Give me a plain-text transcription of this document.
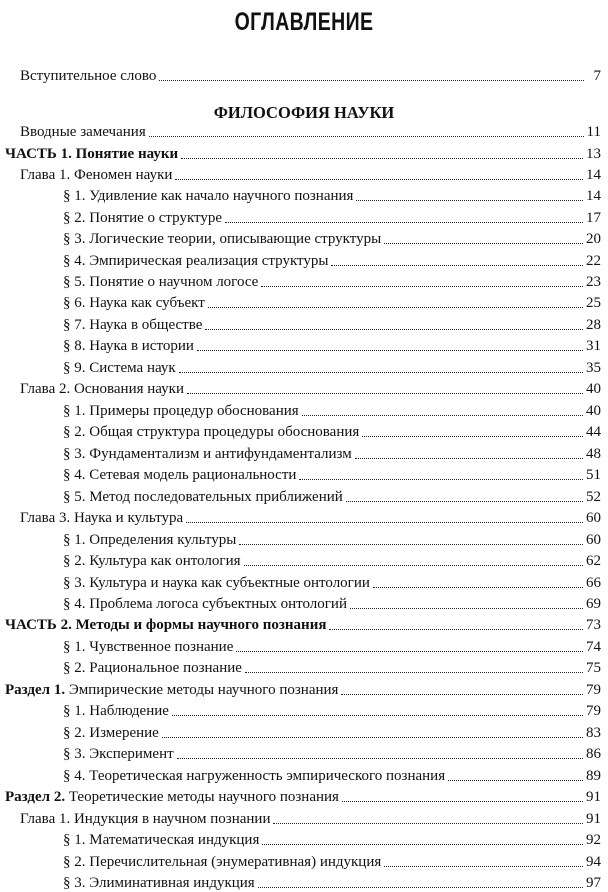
ОГЛАВЛЕНИЕ
ФИЛОСОФИЯ НАУКИ
Вступительное слово	7
Вводные замечания	11
ЧАСТЬ 1. Понятие науки	13
Глава 1. Феномен науки	14
§ 1. Удивление как начало научного познания	14
§ 2. Понятие о структуре	17
§ 3. Логические теории, описывающие структуры	20
§ 4. Эмпирическая реализация структуры	22
§ 5. Понятие о научном логосе	23
§ 6. Наука как субъект	25
§ 7. Наука в обществе	28
§ 8. Наука в истории	31
§ 9. Система наук	35
Глава 2. Основания науки	40
§ 1. Примеры процедур обоснования	40
§ 2. Общая структура процедуры обоснования	44
§ 3. Фундаментализм и антифундаментализм	48
§ 4. Сетевая модель рациональности	51
§ 5. Метод последовательных приближений	52
Глава 3. Наука и культура	60
§ 1. Определения культуры	60
§ 2. Культура как онтология	62
§ 3. Культура и наука как субъектные онтологии	66
§ 4. Проблема логоса субъектных онтологий	69
ЧАСТЬ 2. Методы и формы научного познания	73
§ 1. Чувственное познание	74
§ 2. Рациональное познание	75
Раздел 1. Эмпирические методы научного познания	79
§ 1. Наблюдение	79
§ 2. Измерение	83
§ 3. Эксперимент	86
§ 4. Теоретическая нагруженность эмпирического познания	89
Раздел 2. Теоретические методы научного познания	91
Глава 1. Индукция в научном познании	91
§ 1. Математическая индукция	92
§ 2. Перечислительная (энумеративная) индукция	94
§ 3. Элиминативная индукция	97
